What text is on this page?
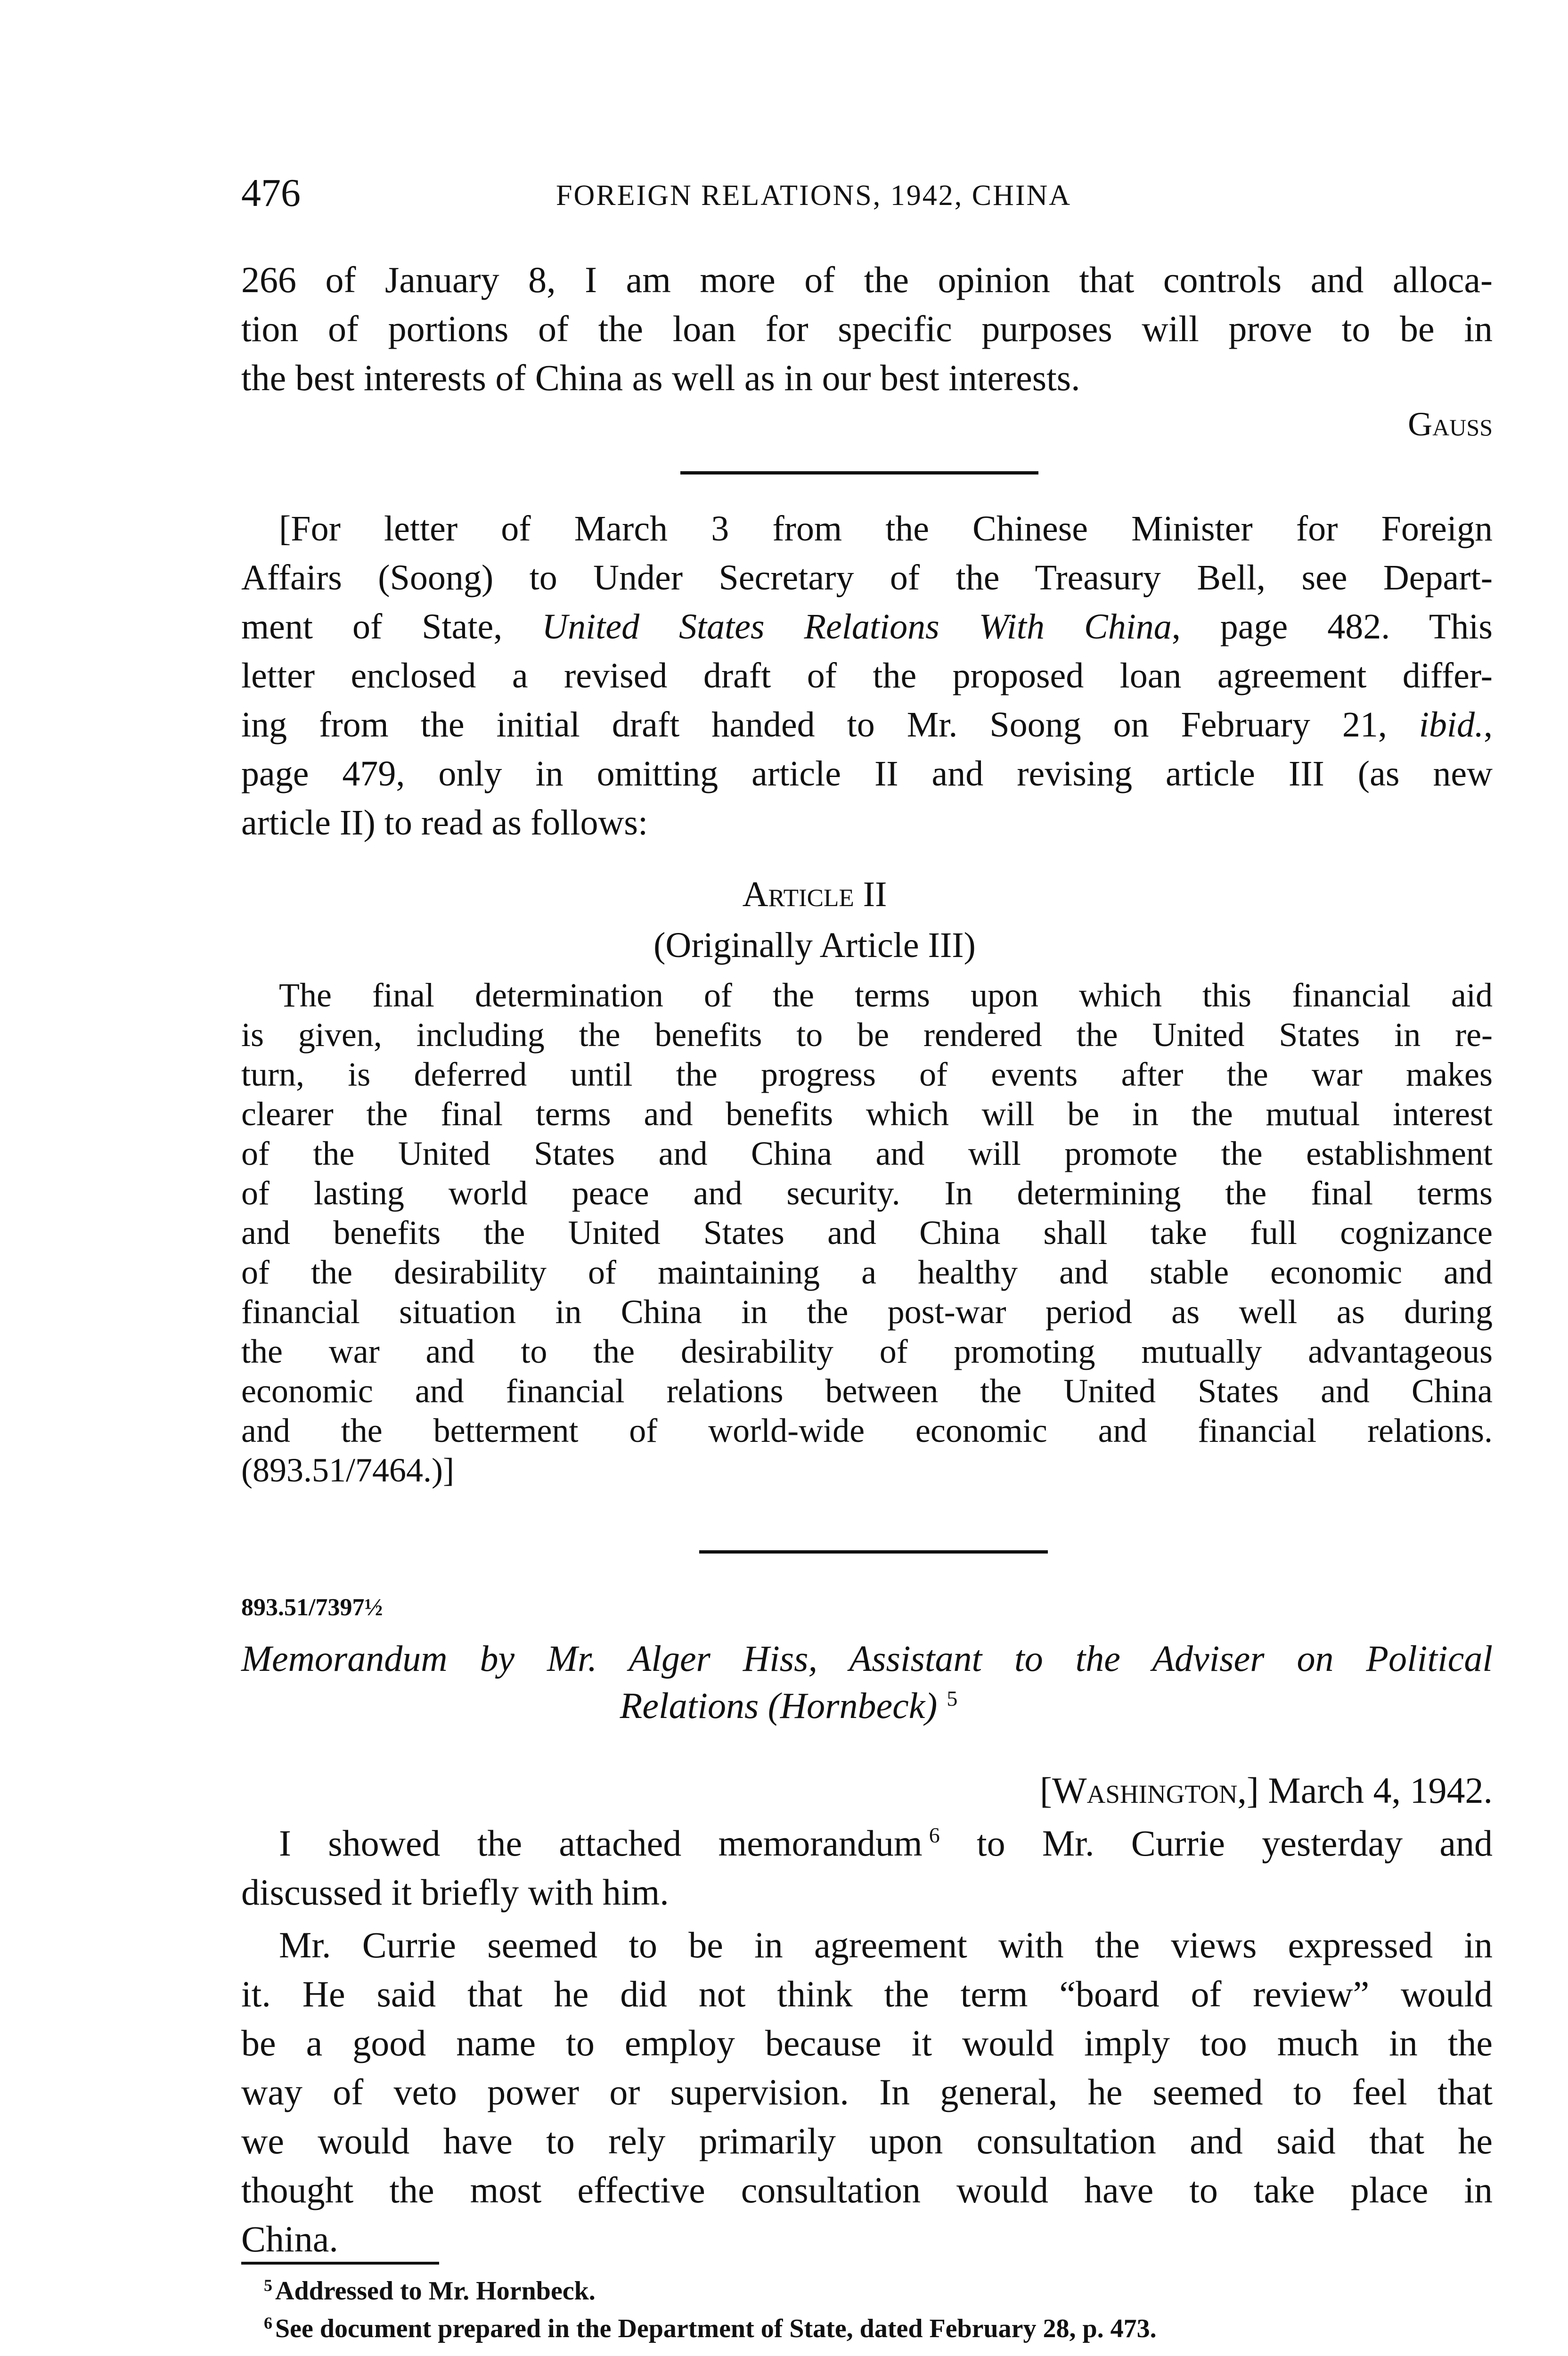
476	FOREIGN RELATIONS, 1942, CHINA
266 of January 8, I am more of the opinion that controls and alloca-
tion of portions of the loan for specific purposes will prove to be in
the best interests of China as well as in our best interests.
Gauss
[For letter of March 3 from the Chinese Minister for Foreign
Affairs (Soong) to Under Secretary of the Treasury Bell, see Depart-
ment of State, United States Relations With China, page 482. This
letter enclosed a revised draft of the proposed loan agreement differ-
ing from the initial draft handed to Mr. Soong on February 21, ibid.,
page 479, only in omitting article II and revising article III (as new
article II) to read as follows:
Article II
(Originally Article III)
The final determination of the terms upon which this financial aid
is given, including the benefits to be rendered the United States in re-
turn, is deferred until the progress of events after the war makes
clearer the final terms and benefits which will be in the mutual interest
of the United States and China and will promote the establishment
of lasting world peace and security. In determining the final terms
and benefits the United States and China shall take full cognizance
of the desirability of maintaining a healthy and stable economic and
financial situation in China in the post-war period as well as during
the war and to the desirability of promoting mutually advantageous
economic and financial relations between the United States and China
and the betterment of world-wide economic and financial relations.
(893.51/7464.)]
893.51/7397½
Memorandum by Mr. Alger Hiss, Assistant to the Adviser on Political
Relations (Hornbeck) $^5$
[Washington,] March 4, 1942.
I showed the attached memorandum $^6$ to Mr. Currie yesterday and
discussed it briefly with him.
Mr. Currie seemed to be in agreement with the views expressed in
it. He said that he did not think the term “board of review” would
be a good name to employ because it would imply too much in the
way of veto power or supervision. In general, he seemed to feel that
we would have to rely primarily upon consultation and said that he
thought the most effective consultation would have to take place in
China.
$^5$ Addressed to Mr. Hornbeck.
$^6$ See document prepared in the Department of State, dated February 28, p. 473.
